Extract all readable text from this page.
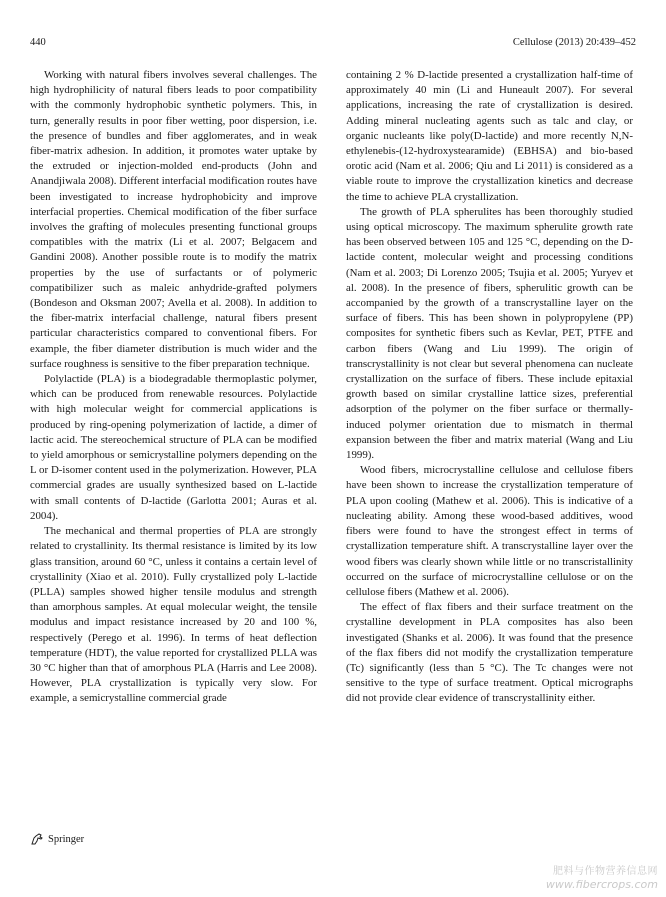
440	Cellulose (2013) 20:439–452

Working with natural fibers involves several challenges. The high hydrophilicity of natural fibers leads to poor compatibility with the commonly hydrophobic synthetic polymers. This, in turn, generally results in poor fiber wetting, poor dispersion, i.e. the presence of bundles and fiber agglomerates, and in weak fiber-matrix adhesion. In addition, it promotes water uptake by the extruded or injection-molded end-products (John and Anandjiwala 2008). Different interfacial modification routes have been investigated to increase hydrophobicity and improve interfacial properties. Chemical modification of the fiber surface involves the grafting of molecules presenting functional groups compatibles with the matrix (Li et al. 2007; Belgacem and Gandini 2008). Another possible route is to modify the matrix properties by the use of surfactants or of polymeric compatibilizer such as maleic anhydride-grafted polymers (Bondeson and Oksman 2007; Avella et al. 2008). In addition to the fiber-matrix interfacial challenge, natural fibers present particular characteristics compared to conventional fibers. For example, the fiber diameter distribution is much wider and the surface roughness is sensitive to the fiber preparation technique.

Polylactide (PLA) is a biodegradable thermoplastic polymer, which can be produced from renewable resources. Polylactide with high molecular weight for commercial applications is produced by ring-opening polymerization of lactide, a dimer of lactic acid. The stereochemical structure of PLA can be modified to yield amorphous or semicrystalline polymers depending on the L or D-isomer content used in the polymerization. However, PLA commercial grades are usually synthesized based on L-lactide with small contents of D-lactide (Garlotta 2001; Auras et al. 2004).

The mechanical and thermal properties of PLA are strongly related to crystallinity. Its thermal resistance is limited by its low glass transition, around 60 °C, unless it contains a certain level of crystallinity (Xiao et al. 2010). Fully crystallized poly L-lactide (PLLA) samples showed higher tensile modulus and strength than amorphous samples. At equal molecular weight, the tensile modulus and impact resistance increased by 20 and 100 %, respectively (Perego et al. 1996). In terms of heat deflection temperature (HDT), the value reported for crystallized PLLA was 30 °C higher than that of amorphous PLA (Harris and Lee 2008). However, PLA crystallization is typically very slow. For example, a semicrystalline commercial grade

containing 2 % D-lactide presented a crystallization half-time of approximately 40 min (Li and Huneault 2007). For several applications, increasing the rate of crystallization is desired. Adding mineral nucleating agents such as talc and clay, or organic nucleants like poly(D-lactide) and more recently N,N-ethylenebis-(12-hydroxystearamide) (EBHSA) and bio-based orotic acid (Nam et al. 2006; Qiu and Li 2011) is considered as a viable route to improve the crystallization kinetics and decrease the time to achieve PLA crystallization.

The growth of PLA spherulites has been thoroughly studied using optical microscopy. The maximum spherulite growth rate has been observed between 105 and 125 °C, depending on the D-lactide content, molecular weight and processing conditions (Nam et al. 2003; Di Lorenzo 2005; Tsujia et al. 2005; Yuryev et al. 2008). In the presence of fibers, spherulitic growth can be accompanied by the growth of a transcrystalline layer on the surface of fibers. This has been shown in polypropylene (PP) composites for synthetic fibers such as Kevlar, PET, PTFE and carbon fibers (Wang and Liu 1999). The origin of transcrystallinity is not clear but several phenomena can nucleate crystallization on the surface of fibers. These include epitaxial growth based on similar crystalline lattice sizes, preferential adsorption of the polymer on the fiber surface or thermally-induced polymer orientation due to mismatch in thermal expansion between the fiber and matrix material (Wang and Liu 1999).

Wood fibers, microcrystalline cellulose and cellulose fibers have been shown to increase the crystallization temperature of PLA upon cooling (Mathew et al. 2006). This is indicative of a nucleating ability. Among these wood-based additives, wood fibers were found to have the strongest effect in terms of crystallization temperature shift. A transcrystalline layer over the wood fibers was clearly shown while little or no transcristallinity occurred on the surface of microcrystalline cellulose or on the cellulose fibers (Mathew et al. 2006).

The effect of flax fibers and their surface treatment on the crystalline development in PLA composites has also been investigated (Shanks et al. 2006). It was found that the presence of the flax fibers did not modify the crystallization temperature (Tc) significantly (less than 5 °C). The Tc changes were not sensitive to the type of surface treatment. Optical micrographs did not provide clear evidence of transcrystallinity either.

Springer
肥料与作物营养信息网
www.fibercrops.com
